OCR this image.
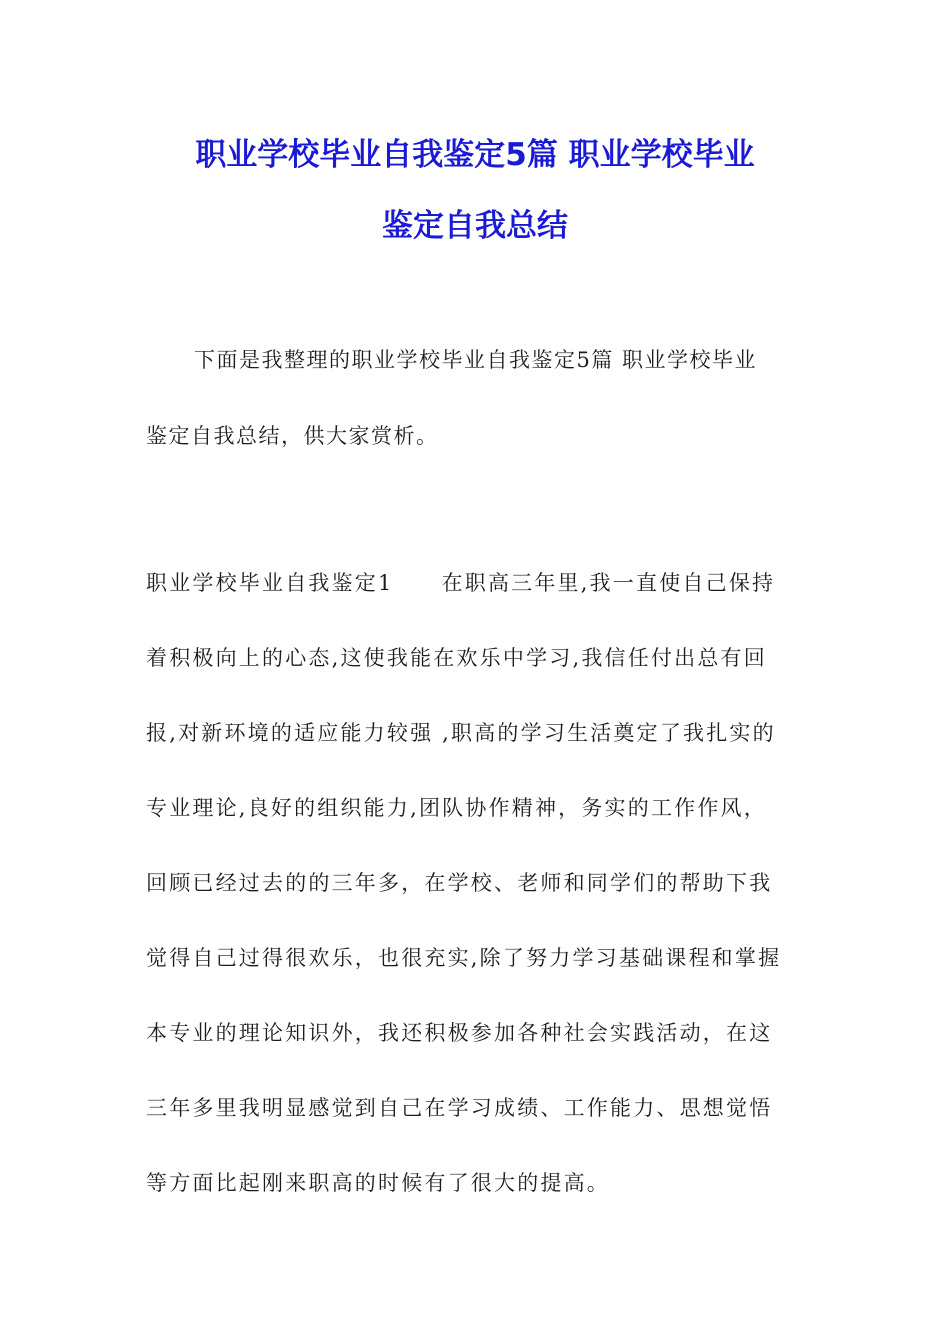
职业学校毕业自我鉴定5篇 职业学校毕业
鉴定自我总结
下面是我整理的职业学校毕业自我鉴定5篇 职业学校毕业
鉴定自我总结，供大家赏析。
职业学校毕业自我鉴定1 在职高三年里,我一直使自己保持
着积极向上的心态,这使我能在欢乐中学习,我信任付出总有回
报,对新环境的适应能力较强 ,职高的学习生活奠定了我扎实的
专业理论,良好的组织能力,团队协作精神，务实的工作作风，
回顾已经过去的的三年多，在学校、老师和同学们的帮助下我
觉得自己过得很欢乐，也很充实,除了努力学习基础课程和掌握
本专业的理论知识外，我还积极参加各种社会实践活动，在这
三年多里我明显感觉到自己在学习成绩、工作能力、思想觉悟
等方面比起刚来职高的时候有了很大的提高。
